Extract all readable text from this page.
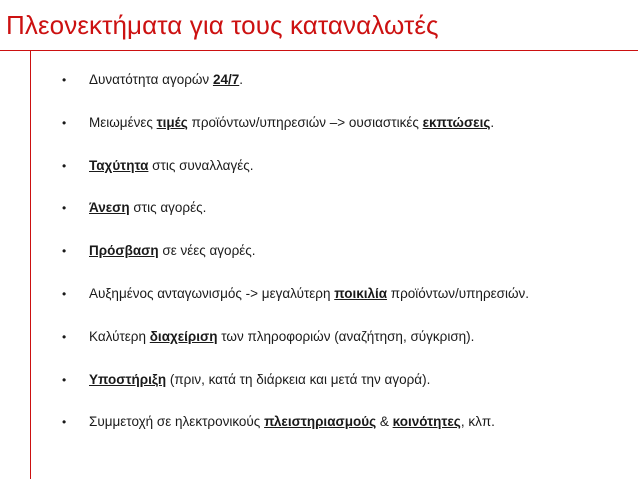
Πλεονεκτήματα για τους καταναλωτές
• Δυνατότητα αγορών 24/7.
• Μειωμένες τιμές προϊόντων/υπηρεσιών –> ουσιαστικές εκπτώσεις.
• Ταχύτητα στις συναλλαγές.
• Άνεση στις αγορές.
• Πρόσβαση σε νέες αγορές.
• Αυξημένος ανταγωνισμός -> μεγαλύτερη ποικιλία προϊόντων/υπηρεσιών.
• Καλύτερη διαχείριση των πληροφοριών (αναζήτηση, σύγκριση).
• Υποστήριξη (πριν, κατά τη διάρκεια και μετά την αγορά).
• Συμμετοχή σε ηλεκτρονικούς πλειστηριασμούς & κοινότητες, κλπ.
